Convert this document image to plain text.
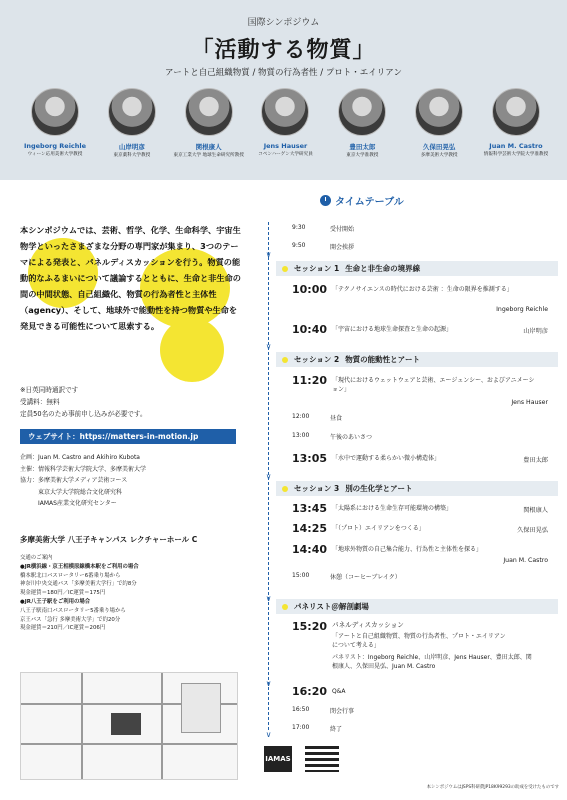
国際シンポジウム
「活動する物質」
アートと自己組織物質 / 物質の行為者性 / プロト・エイリアン
Ingeborg Reichle
ウィーン応用美術大学教授
山岸明彦
東京薬科大学教授
関根康人
東京工業大学 地球生命研究所教授
Jens Hauser
コペンハーゲン大学研究員
豊田太郎
東京大学准教授
久保田晃弘
多摩美術大学教授
Juan M. Castro
情報科学芸術大学院大学准教授
本シンポジウムでは、芸術、哲学、化学、生命科学、宇宙生物学といったさまざまな分野の専門家が集まり、3つのテーマによる発表と、パネルディスカッションを行う。物質の能動的なふるまいについて議論するとともに、生命と非生命の間の中間状態、自己組織化、物質の行為者性と主体性（agency）、そして、地球外で能動性を持つ物質や生命を発見できる可能性について思索する。
※日英同時通訳です
受講料：無料
定員50名のため事前申し込みが必要です。
ウェブサイト：https://matters-in-motion.jp
企画：Juan M. Castro and Akihiro Kubota
主催：情報科学芸術大学院大学、多摩美術大学
協力：多摩美術大学メディア芸術コース
　　　東京大学大学院総合文化研究科
　　　IAMAS産業文化研究センター
多摩美術大学 八王子キャンパス レクチャーホール C
交通のご案内
●JR横浜線・京王相模原線橋本駅をご利用の場合
橋本駅北口バスロータリー6番乗り場から
神奈川中央交通バス「多摩美術大学行」で約8分
現金運賃＝180円／IC運賃＝175円
●JR八王子駅をご利用の場合
八王子駅南口バスロータリー5番乗り場から
京王バス「急行 多摩美術大学」で約20分
現金運賃＝210円／IC運賃＝206円
タイムテーブル
∨
∨
∨
∨
∨
∨
9:30	受付開始
9:50	開会挨拶
セッション 1 生命と非生命の境界線
10:00 「テクノサイエンスの時代における芸術 ：生命の限界を推測する」
Ingeborg Reichle
10:40 「宇宙における地球生命探査と生命の起源」	山岸明彦
セッション 2 物質の能動性とアート
11:20 「現代におけるウェットウェアと芸術、エージェンシー、およびアニメーション」
Jens Hauser
12:00	昼食
13:00	午後のあいさつ
13:05 「水中で運動する柔らかい微小構造体」	豊田太郎
セッション 3 別の生化学とアート
13:45 「太陽系における生命生存可能環境の構築」	関根康人
14:25 「（プロト）エイリアンをつくる」	久保田晃弘
14:40 「地球外物質の自己集合能力、行為性と主体性を探る」
Juan M. Castro
15:00	休憩（コーヒーブレイク）
パネリスト＠解剖劇場
15:20 パネルディスカッション
「アートと自己組織物質、物質の行為者性、プロト・エイリアンについて考える」
パネリスト：Ingeborg Reichle、山岸明彦、Jens Hauser、豊田太郎、関根康人、久保田晃弘、Juan M. Castro
16:20 Q&A
16:50	閉会行事
17:00	終了
IAMAS
本シンポジウムはJSPS科研費JP18K99293の助成を受けたものです
